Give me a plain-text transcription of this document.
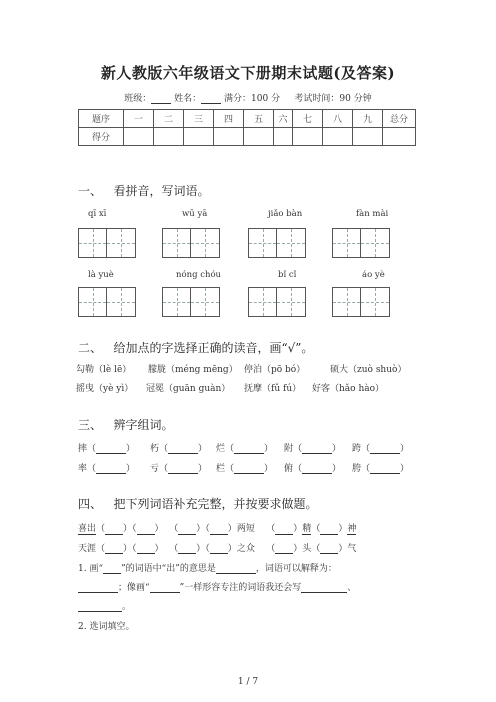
新人教版六年级语文下册期末试题(及答案)
班级：	姓名：	满分：100 分 考试时间：90 分钟
题序	一	二	三	四	五	六	七	八	九	总分
得分										
一、 看拼音，写词语。
qī xī	wū yā	jiǎo bàn	fàn mài
là yuè	nóng chóu	bǐ cǐ	áo yè
二、 给加点的字选择正确的读音，画“√”。
勾勒（lè lē） 朦胧（méng mēng） 停泊（pō bó）	硕大（zuò shuò）
摇曳（yè yì） 冠冕（guān guàn） 抚摩（fǔ fú） 好客（hǎo hào）
三、 辨字组词。
摔（	） 朽（	） 烂（	） 附（	） 跨（	）
率（	） 亏（	） 栏（	） 俯（	） 胯（	）
四、 把下列词语补充完整，并按要求做题。
喜出（ ）（ ）  （ ）（ ）两短    （ ）精（ ）神
天涯（ ）（ ）  （ ）（ ）之众    （ ）头（ ）气
1. 画“ ”的词语中“出”的意思是	，词语可以解释为：
；像画“	”一样形容专注的词语我还会写	、
。
2. 选词填空。
1 / 7
